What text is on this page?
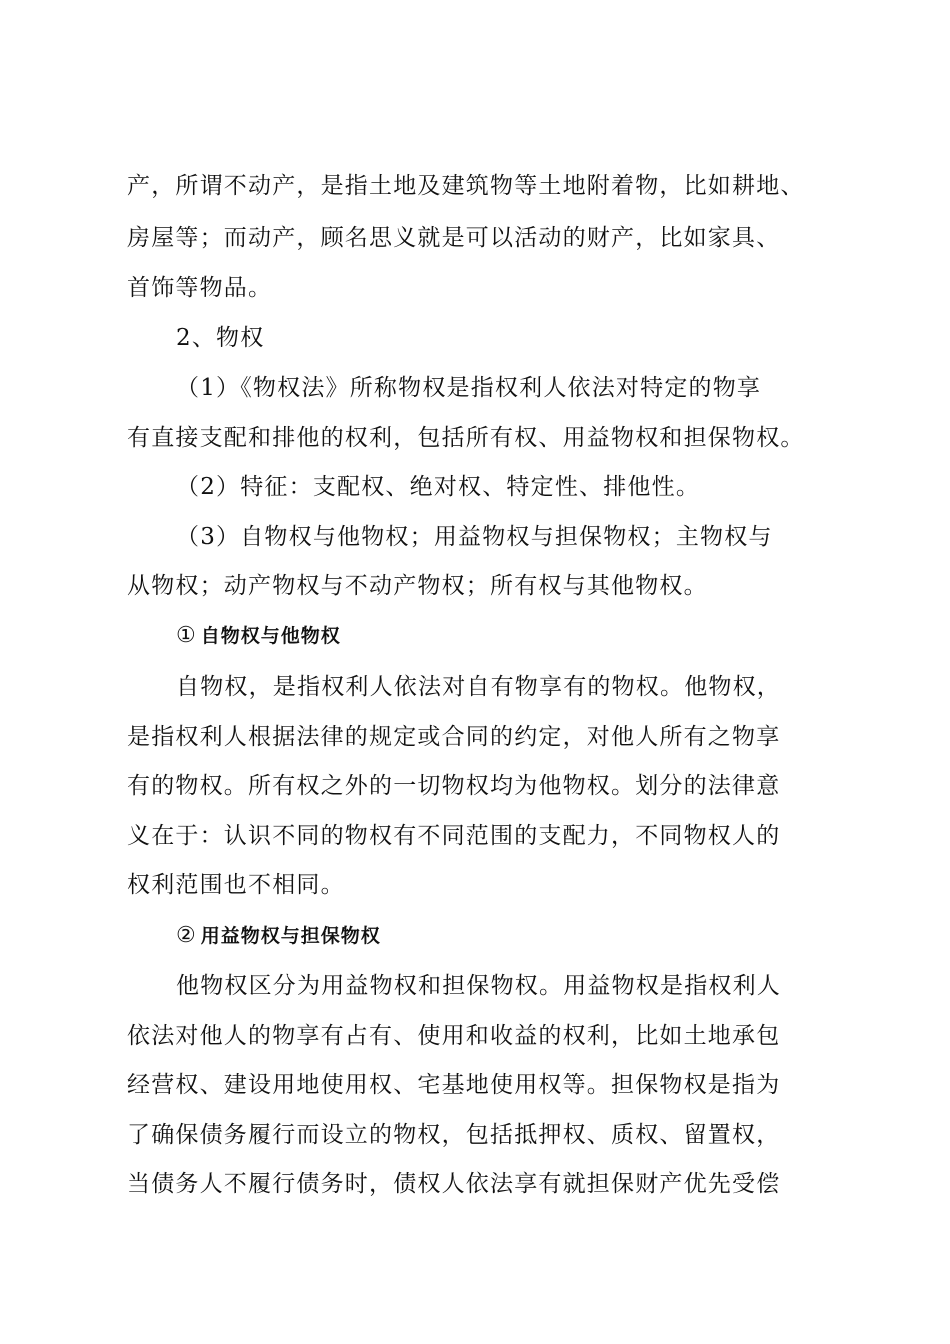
产，所谓不动产，是指土地及建筑物等土地附着物，比如耕地、
房屋等；而动产，顾名思义就是可以活动的财产，比如家具、
首饰等物品。
2、物权
（1）《物权法》所称物权是指权利人依法对特定的物享
有直接支配和排他的权利，包括所有权、用益物权和担保物权。
（2）特征：支配权、绝对权、特定性、排他性。
（3）自物权与他物权；用益物权与担保物权；主物权与
从物权；动产物权与不动产物权；所有权与其他物权。
① 自物权与他物权
自物权，是指权利人依法对自有物享有的物权。他物权，
是指权利人根据法律的规定或合同的约定，对他人所有之物享
有的物权。所有权之外的一切物权均为他物权。划分的法律意
义在于：认识不同的物权有不同范围的支配力，不同物权人的
权利范围也不相同。
② 用益物权与担保物权
他物权区分为用益物权和担保物权。用益物权是指权利人
依法对他人的物享有占有、使用和收益的权利，比如土地承包
经营权、建设用地使用权、宅基地使用权等。担保物权是指为
了确保债务履行而设立的物权，包括抵押权、质权、留置权，
当债务人不履行债务时，债权人依法享有就担保财产优先受偿
